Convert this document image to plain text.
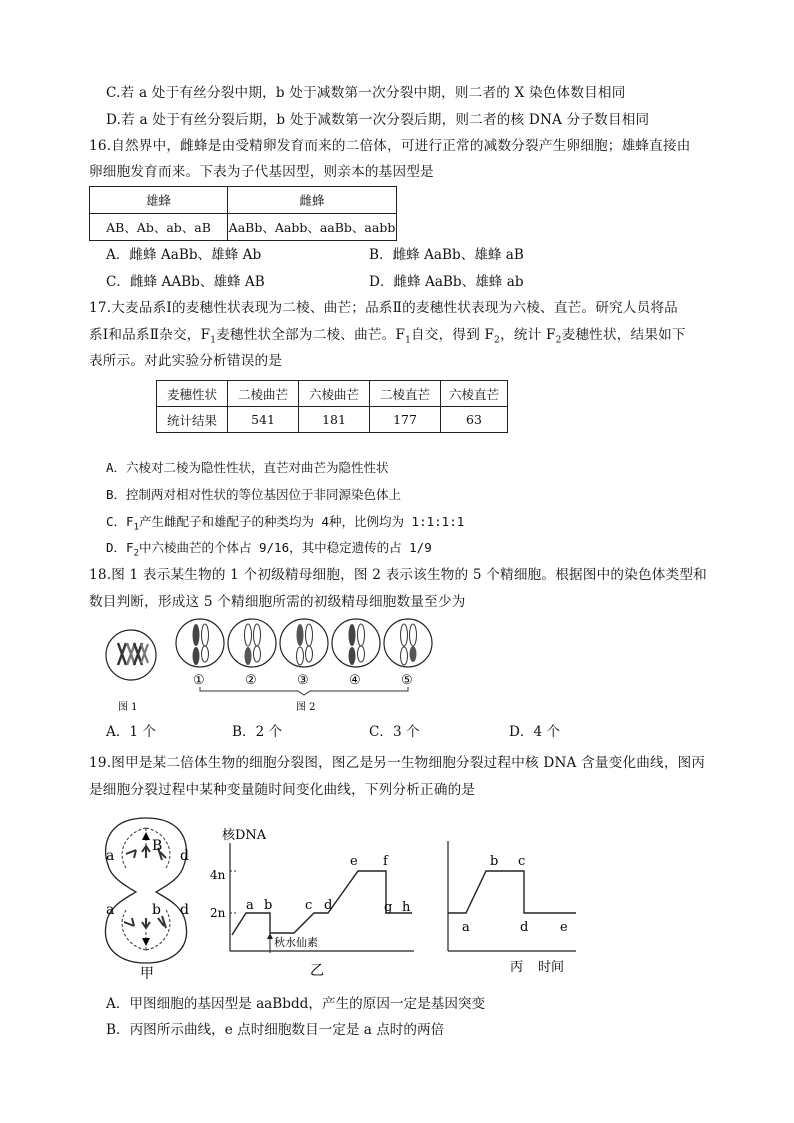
C.若 a 处于有丝分裂中期，b 处于减数第一次分裂中期，则二者的 X 染色体数目相同
D.若 a 处于有丝分裂后期，b 处于减数第一次分裂后期，则二者的核 DNA 分子数目相同
16.自然界中，雌蜂是由受精卵发育而来的二倍体，可进行正常的减数分裂产生卵细胞；雄蜂直接由
卵细胞发育而来。下表为子代基因型，则亲本的基因型是
雄蜂	雌蜂
AB、Ab、ab、aB	AaBb、Aabb、aaBb、aabb
A．雌蜂 AaBb、雄蜂 Ab	B．雌蜂 AaBb、雄蜂 aB
C．雌蜂 AABb、雄蜂 AB	D．雌蜂 AaBb、雄蜂 ab
17.大麦品系Ⅰ的麦穗性状表现为二棱、曲芒；品系Ⅱ的麦穗性状表现为六棱、直芒。研究人员将品
系Ⅰ和品系Ⅱ杂交，$F_1$麦穗性状全部为二棱、曲芒。$F_1$自交，得到 $F_2$，统计 $F_2$麦穗性状，结果如下
表所示。对此实验分析错误的是
麦穗性状	二棱曲芒	六棱曲芒	二棱直芒	六棱直芒
统计结果	541	181	177	63
A．六棱对二棱为隐性性状，直芒对曲芒为隐性性状
B．控制两对相对性状的等位基因位于非同源染色体上
C．$F_1$产生雌配子和雄配子的种类均为 4种，比例均为 1:1:1:1
D．$F_2$中六棱曲芒的个体占 9/16，其中稳定遗传的占 1/9
18.图 1 表示某生物的 1 个初级精母细胞，图 2 表示该生物的 5 个精细胞。根据图中的染色体类型和
数目判断，形成这 5 个精细胞所需的初级精母细胞数量至少为
图 1
①	②	③	④	⑤
图 2
A．1 个	B．2 个	C．3 个	D．4 个
19.图甲是某二倍体生物的细胞分裂图，图乙是另一生物细胞分裂过程中核 DNA 含量变化曲线，图丙
是细胞分裂过程中某种变量随时间变化曲线，下列分析正确的是
a
B
d
a	b d
甲
核DNA
4n
2n a b	c d
e f
g h
秋水仙素
乙
a
b c
d e
丙 时间
A．甲图细胞的基因型是 aaBbdd，产生的原因一定是基因突变
B．丙图所示曲线，e 点时细胞数目一定是 a 点时的两倍
